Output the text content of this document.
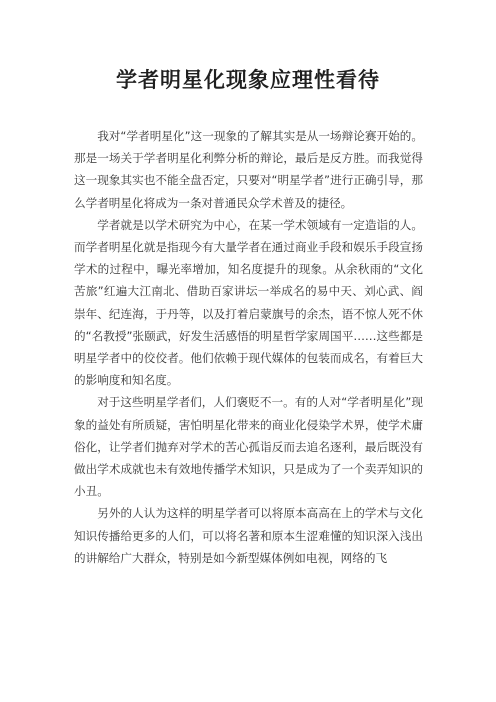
学者明星化现象应理性看待

我对“学者明星化”这一现象的了解其实是从一场辩论赛开始的。那是一场关于学者明星化利弊分析的辩论，最后是反方胜。而我觉得这一现象其实也不能全盘否定，只要对“明星学者”进行正确引导，那么学者明星化将成为一条对普通民众学术普及的捷径。

学者就是以学术研究为中心，在某一学术领域有一定造诣的人。而学者明星化就是指现今有大量学者在通过商业手段和娱乐手段宣扬学术的过程中，曝光率增加，知名度提升的现象。从余秋雨的“文化苦旅”红遍大江南北、借助百家讲坛一举成名的易中天、刘心武、阎崇年、纪连海，于丹等，以及打着启蒙旗号的余杰，语不惊人死不休的“名教授”张颐武，好发生活感悟的明星哲学家周国平……这些都是明星学者中的佼佼者。他们依赖于现代媒体的包装而成名，有着巨大的影响度和知名度。

对于这些明星学者们，人们褒贬不一。有的人对“学者明星化”现象的益处有所质疑，害怕明星化带来的商业化侵染学术界，使学术庸俗化，让学者们抛弃对学术的苦心孤诣反而去追名逐利，最后既没有做出学术成就也未有效地传播学术知识，只是成为了一个卖弄知识的小丑。

另外的人认为这样的明星学者可以将原本高高在上的学术与文化知识传播给更多的人们，可以将名著和原本生涩难懂的知识深入浅出的讲解给广大群众，特别是如今新型媒体例如电视，网络的飞
